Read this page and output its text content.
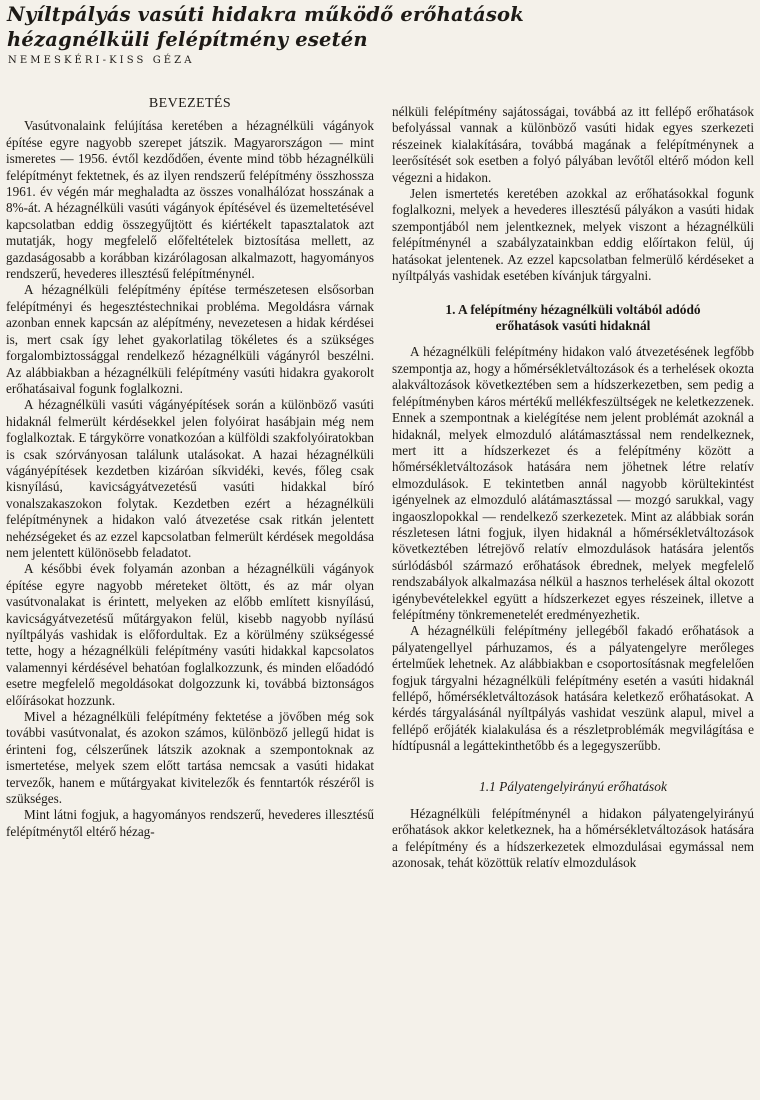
Nyíltpályás vasúti hidakra működő erőhatások
hézagnélküli felépítmény esetén
NEMESKÉRI-KISS GÉZA
BEVEZETÉS

Vasútvonalaink felújítása keretében a hézagnélküli vágányok építése egyre nagyobb szerepet játszik. Magyarországon — mint ismeretes — 1956. évtől kezdődően, évente mind több hézagnélküli felépítményt fektetnek, és az ilyen rendszerű felépítmény összhossza 1961. év végén már meghaladta az összes vonalhálózat hosszának a 8%-át. A hézagnélküli vasúti vágányok építésével és üzemeltetésével kapcsolatban eddig összegyűjtött és kiértékelt tapasztalatok azt mutatják, hogy megfelelő előfeltételek biztosítása mellett, az gazdaságosabb a korábban kizárólagosan alkalmazott, hagyományos rendszerű, hevederes illesztésű felépítménynél.

A hézagnélküli felépítmény építése természetesen elsősorban felépítményi és hegesztéstechnikai probléma. Megoldásra várnak azonban ennek kapcsán az alépítmény, nevezetesen a hidak kérdései is, mert csak így lehet gyakorlatilag tökéletes és a szükséges forgalombiztossággal rendelkező hézagnélküli vágányról beszélni. Az alábbiakban a hézagnélküli felépítmény vasúti hidakra gyakorolt erőhatásaival fogunk foglalkozni.

A hézagnélküli vasúti vágányépítések során a különböző vasúti hidaknál felmerült kérdésekkel jelen folyóirat hasábjain még nem foglalkoztak. E tárgykörre vonatkozóan a külföldi szakfolyóiratokban is csak szórványosan találunk utalásokat. A hazai hézagnélküli vágányépítések kezdetben kizáróan síkvidéki, kevés, főleg csak kisnyílású, kavicságyátvezetésű vasúti hidakkal bíró vonalszakaszokon folytak. Kezdetben ezért a hézagnélküli felépítménynek a hidakon való átvezetése csak ritkán jelentett nehézségeket és az ezzel kapcsolatban felmerült kérdések megoldása nem jelentett különösebb feladatot.

A későbbi évek folyamán azonban a hézagnélküli vágányok építése egyre nagyobb méreteket öltött, és az már olyan vasútvonalakat is érintett, melyeken az előbb említett kisnyílású, kavicságyátvezetésű műtárgyakon felül, kisebb nagyobb nyílású nyíltpályás vashidak is előfordultak. Ez a körülmény szükségessé tette, hogy a hézagnélküli felépítmény vasúti hidakkal kapcsolatos valamennyi kérdésével behatóan foglalkozzunk, és minden előadódó esetre megfelelő megoldásokat dolgozzunk ki, továbbá biztonságos előírásokat hozzunk.

Mivel a hézagnélküli felépítmény fektetése a jövőben még sok további vasútvonalat, és azokon számos, különböző jellegű hidat is érinteni fog, célszerűnek látszik azoknak a szempontoknak az ismertetése, melyek szem előtt tartása nemcsak a vasúti hidakat tervezők, hanem e műtárgyakat kivitelezők és fenntartók részéről is szükséges.

Mint látni fogjuk, a hagyományos rendszerű, hevederes illesztésű felépítménytől eltérő hézag-

nélküli felépítmény sajátosságai, továbbá az itt fellépő erőhatások befolyással vannak a különböző vasúti hidak egyes szerkezeti részeinek kialakítására, továbbá magának a felépítménynek a leerősítését sok esetben a folyó pályában levőtől eltérő módon kell végezni a hidakon.

Jelen ismertetés keretében azokkal az erőhatásokkal fogunk foglalkozni, melyek a hevederes illesztésű pályákon a vasúti hidak szempontjából nem jelentkeznek, melyek viszont a hézagnélküli felépítménynél a szabályzatainkban eddig előírtakon felül, új hatásokat jelentenek. Az ezzel kapcsolatban felmerülő kérdéseket a nyíltpályás vashidak esetében kívánjuk tárgyalni.

1. A felépítmény hézagnélküli voltából adódó
erőhatások vasúti hidaknál

A hézagnélküli felépítmény hidakon való átvezetésének legfőbb szempontja az, hogy a hőmérsékletváltozások és a terhelések okozta alakváltozások következtében sem a hídszerkezetben, sem pedig a felépítményben káros mértékű mellékfeszültségek ne keletkezzenek. Ennek a szempontnak a kielégítése nem jelent problémát azoknál a hidaknál, melyek elmozduló alátámasztással nem rendelkeznek, mert itt a hídszerkezet és a felépítmény között a hőmérsékletváltozások hatására nem jöhetnek létre relatív elmozdulások. E tekintetben annál nagyobb körültekintést igényelnek az elmozduló alátámasztással — mozgó sarukkal, vagy ingaoszlopokkal — rendelkező szerkezetek. Mint az alábbiak során részletesen látni fogjuk, ilyen hidaknál a hőmérsékletváltozások következtében létrejövő relatív elmozdulások hatására jelentős súrlódásból származó erőhatások ébrednek, melyek megfelelő rendszabályok alkalmazása nélkül a hasznos terhelések által okozott igénybevételekkel együtt a hídszerkezet egyes részeinek, illetve a felépítmény tönkremenetelét eredményezhetik.

A hézagnélküli felépítmény jellegéből fakadó erőhatások a pályatengellyel párhuzamos, és a pályatengelyre merőleges értelműek lehetnek. Az alábbiakban e csoportosításnak megfelelően fogjuk tárgyalni hézagnélküli felépítmény esetén a vasúti hidaknál fellépő, hőmérsékletváltozások hatására keletkező erőhatásokat. A kérdés tárgyalásánál nyíltpályás vashidat veszünk alapul, mivel a fellépő erőjáték kialakulása és a részletproblémák megvilágítása e hídtípusnál a legáttekinthetőbb és a legegyszerűbb.

1.1 Pályatengelyirányú erőhatások

Hézagnélküli felépítménynél a hidakon pályatengelyirányú erőhatások akkor keletkeznek, ha a hőmérsékletváltozások hatására a felépítmény és a hídszerkezetek elmozdulásai egymással nem azonosak, tehát közöttük relatív elmozdulások
